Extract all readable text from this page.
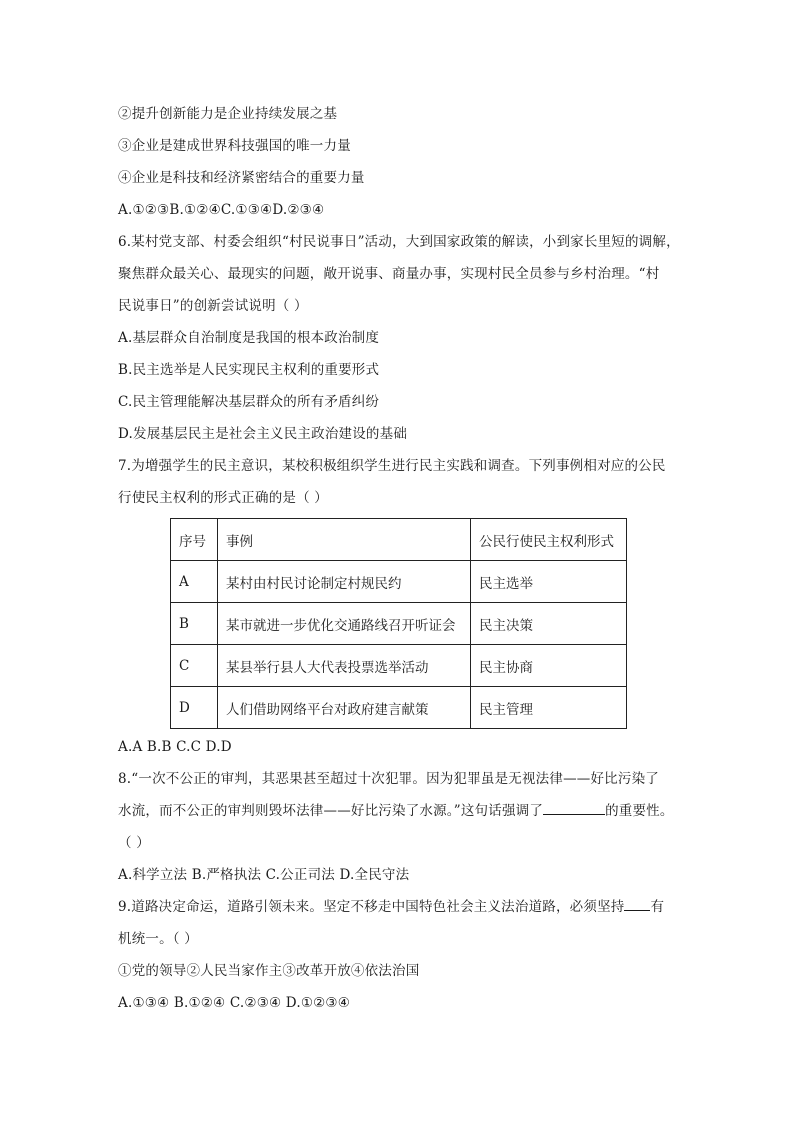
②提升创新能力是企业持续发展之基
③企业是建成世界科技强国的唯一力量
④企业是科技和经济紧密结合的重要力量
A.①②③B.①②④C.①③④D.②③④
6.某村党支部、村委会组织“村民说事日”活动，大到国家政策的解读，小到家长里短的调解，
聚焦群众最关心、最现实的问题，敞开说事、商量办事，实现村民全员参与乡村治理。“村
民说事日”的创新尝试说明（ ）
A.基层群众自治制度是我国的根本政治制度
B.民主选举是人民实现民主权利的重要形式
C.民主管理能解决基层群众的所有矛盾纠纷
D.发展基层民主是社会主义民主政治建设的基础
7.为增强学生的民主意识，某校积极组织学生进行民主实践和调查。下列事例相对应的公民
行使民主权利的形式正确的是（ ）
序号	事例	公民行使民主权利形式
A	某村由村民讨论制定村规民约	民主选举
B	某市就进一步优化交通路线召开听证会	民主决策
C	某县举行县人大代表投票选举活动	民主协商
D	人们借助网络平台对政府建言献策	民主管理
A.A B.B C.C D.D
8.“一次不公正的审判，其恶果甚至超过十次犯罪。因为犯罪虽是无视法律——好比污染了
水流，而不公正的审判则毁坏法律——好比污染了水源。”这句话强调了	的重要性。
（ ）
A.科学立法 B.严格执法 C.公正司法 D.全民守法
9.道路决定命运，道路引领未来。坚定不移走中国特色社会主义法治道路，必须坚持 有
机统一。（ ）
①党的领导②人民当家作主③改革开放④依法治国
A.①③④ B.①②④ C.②③④ D.①②③④
